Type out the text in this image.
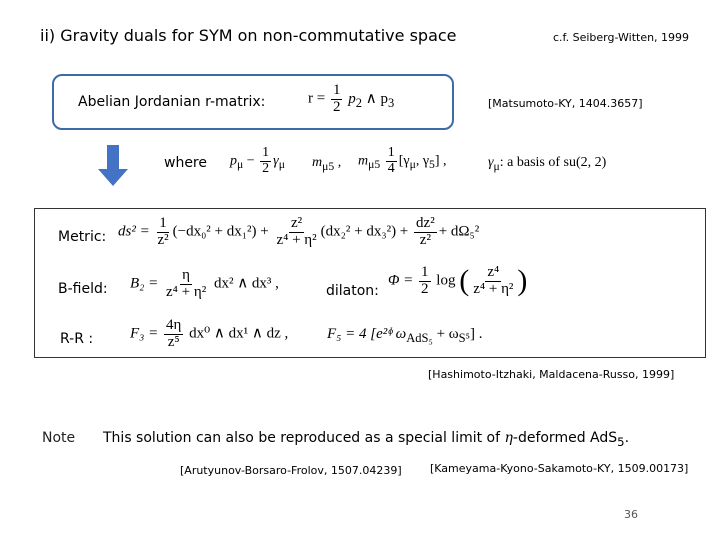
ii) Gravity duals for SYM on non-commutative space	c.f. Seiberg-Witten, 1999
Abelian Jordanian r-matrix:	$r = \frac{1}{2} p_2$ ∧ $p_3$	[Matsumoto-KY, 1404.3657]
where $p_\mu - \frac{1}{2} \gamma_\mu$ $m_{\mu 5}$ , $m_{\mu 5} \frac{1}{4} [\gamma_\mu$, $\gamma_5$] ,	$\gamma_\mu$: a basis of su(2, 2)
Metric: $ds^2 = \frac{1}{\text{z²}} (-dx_0^2 + dx_1^2) + \frac{\text{z²}}{\text{z⁴ + η²}} (dx_2^2 + dx_3^2) + \frac{\text{dz²}}{\text{z²}} + d\Omega_5^2$
B-field: $B_2 = \frac{\eta}{\text{z⁴ + η²}} dx^2$ ∧ dx³ ,	dilaton:
$\Phi = \frac{1}{2}$ log ( $\frac{\text{z⁴}}{\text{z⁴ + η²}}$ )
R-R : $F_3 = \frac{4\eta}{\text{z⁵}} dx^0$ ∧ dx¹ ∧ dz ,	F₅ = 4 [e²ᶲ $\omega_{AdS_5} + \omega_{S^5}$] .
[Hashimoto-Itzhaki, Maldacena-Russo, 1999]
Note This solution can also be reproduced as a special limit of η-deformed AdS$_5$.
[Arutyunov-Borsaro-Frolov, 1507.04239]	[Kameyama-Kyono-Sakamoto-KY, 1509.00173]
36
